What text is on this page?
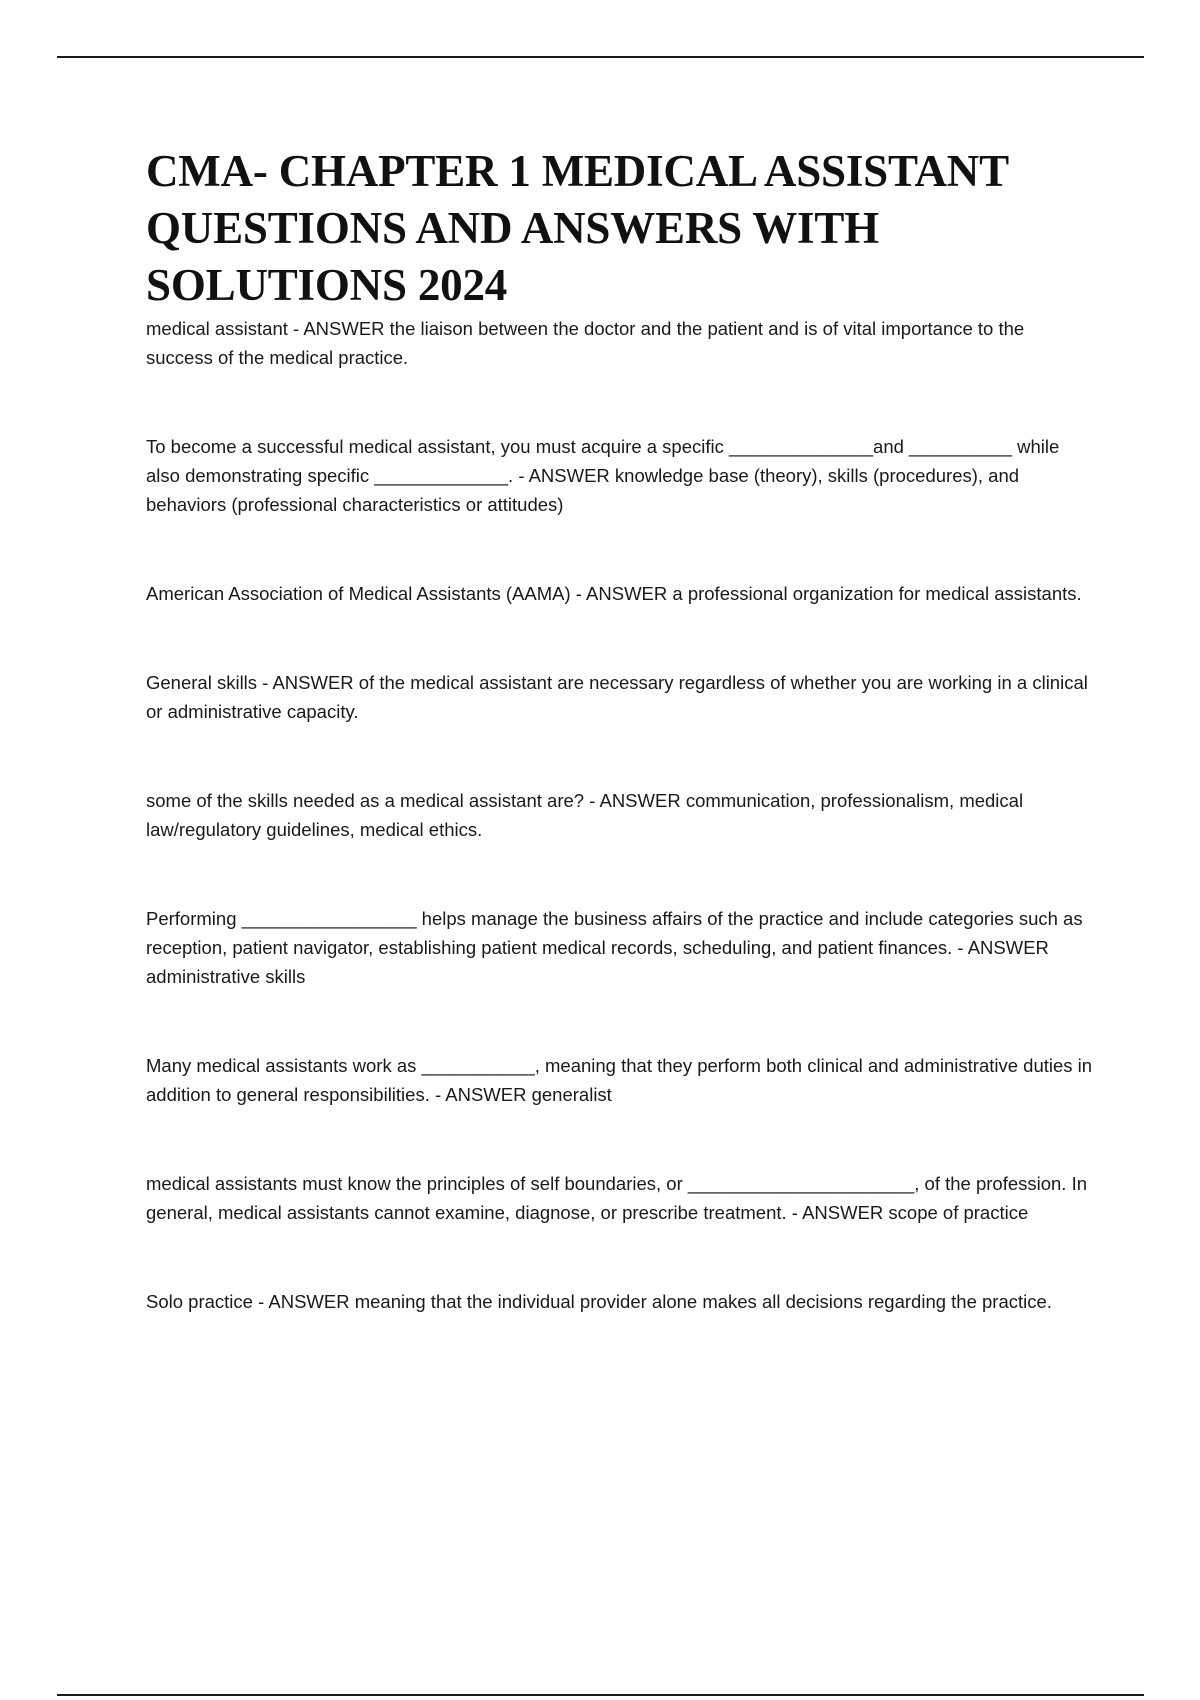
CMA- CHAPTER 1 MEDICAL ASSISTANT QUESTIONS AND ANSWERS WITH SOLUTIONS 2024

medical assistant - ANSWER the liaison between the doctor and the patient and is of vital importance to the success of the medical practice.

To become a successful medical assistant, you must acquire a specific ______________and __________ while also demonstrating specific _____________. - ANSWER knowledge base (theory), skills (procedures), and behaviors (professional characteristics or attitudes)

American Association of Medical Assistants (AAMA) - ANSWER a professional organization for medical assistants.

General skills - ANSWER of the medical assistant are necessary regardless of whether you are working in a clinical or administrative capacity.

some of the skills needed as a medical assistant are? - ANSWER communication, professionalism, medical law/regulatory guidelines, medical ethics.

Performing _________________ helps manage the business affairs of the practice and include categories such as reception, patient navigator, establishing patient medical records, scheduling, and patient finances. - ANSWER administrative skills

Many medical assistants work as ___________, meaning that they perform both clinical and administrative duties in addition to general responsibilities. - ANSWER generalist

medical assistants must know the principles of self boundaries, or ______________________, of the profession. In general, medical assistants cannot examine, diagnose, or prescribe treatment. - ANSWER scope of practice

Solo practice - ANSWER meaning that the individual provider alone makes all decisions regarding the practice.
